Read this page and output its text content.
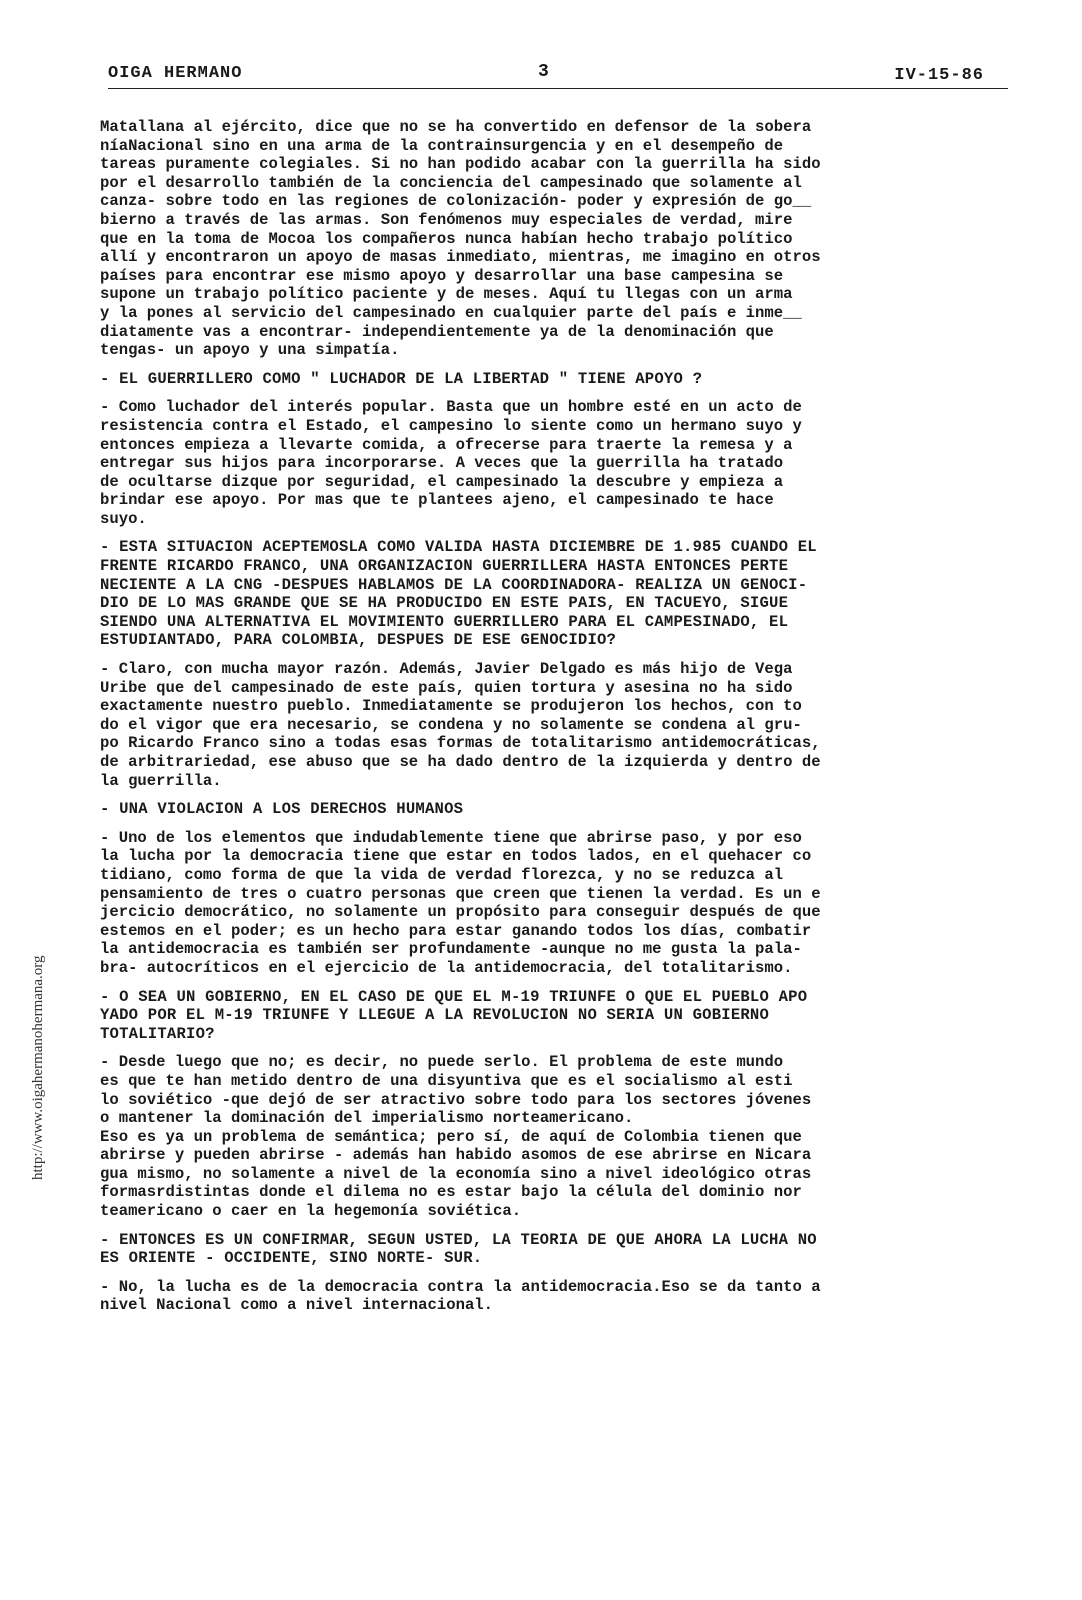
http://www.oigahermanohermana.org
OIGA HERMANO	3	IV-15-86
Matallana al ejército, dice que no se ha convertido en defensor de la sobera
níaNacional sino en una arma de la contrainsurgencia y en el desempeño de
tareas puramente colegiales. Si no han podido acabar con la guerrilla ha sido
por el desarrollo también de la conciencia del campesinado que solamente al
canza- sobre todo en las regiones de colonización- poder y expresión de go__
bierno a través de las armas. Son fenómenos muy especiales de verdad, mire
que en la toma de Mocoa los compañeros nunca habían hecho trabajo político
allí y encontraron un apoyo de masas inmediato, mientras, me imagino en otros
países para encontrar ese mismo apoyo y desarrollar una base campesina se
supone un trabajo político paciente y de meses. Aquí tu llegas con un arma
y la pones al servicio del campesinado en cualquier parte del país e inme__
diatamente vas a encontrar- independientemente ya de la denominación que
tengas- un apoyo y una simpatía.
- EL GUERRILLERO COMO " LUCHADOR DE LA LIBERTAD " TIENE APOYO ?
- Como luchador del interés popular. Basta que un hombre esté en un acto de
resistencia contra el Estado, el campesino lo siente como un hermano suyo y
entonces empieza a llevarte comida, a ofrecerse para traerte la remesa y a
entregar sus hijos para incorporarse. A veces que la guerrilla ha tratado
de ocultarse dizque por seguridad, el campesinado la descubre y empieza a
brindar ese apoyo. Por mas que te plantees ajeno, el campesinado te hace
suyo.
- ESTA SITUACION ACEPTEMOSLA COMO VALIDA HASTA DICIEMBRE DE 1.985 CUANDO EL
FRENTE RICARDO FRANCO, UNA ORGANIZACION GUERRILLERA HASTA ENTONCES PERTE
NECIENTE A LA CNG -DESPUES HABLAMOS DE LA COORDINADORA- REALIZA UN GENOCI-
DIO DE LO MAS GRANDE QUE SE HA PRODUCIDO EN ESTE PAIS, EN TACUEYO, SIGUE
SIENDO UNA ALTERNATIVA EL MOVIMIENTO GUERRILLERO PARA EL CAMPESINADO, EL
ESTUDIANTADO, PARA COLOMBIA, DESPUES DE ESE GENOCIDIO?
- Claro, con mucha mayor razón. Además, Javier Delgado es más hijo de Vega
Uribe que del campesinado de este país, quien tortura y asesina no ha sido
exactamente nuestro pueblo. Inmediatamente se produjeron los hechos, con to
do el vigor que era necesario, se condena y no solamente se condena al gru-
po Ricardo Franco sino a todas esas formas de totalitarismo antidemocráticas,
de arbitrariedad, ese abuso que se ha dado dentro de la izquierda y dentro de
la guerrilla.
- UNA VIOLACION A LOS DERECHOS HUMANOS
- Uno de los elementos que indudablemente tiene que abrirse paso, y por eso
la lucha por la democracia tiene que estar en todos lados, en el quehacer co
tidiano, como forma de que la vida de verdad florezca, y no se reduzca al
pensamiento de tres o cuatro personas que creen que tienen la verdad. Es un e
jercicio democrático, no solamente un propósito para conseguir después de que
estemos en el poder; es un hecho para estar ganando todos los días, combatir
la antidemocracia es también ser profundamente -aunque no me gusta la pala-
bra- autocríticos en el ejercicio de la antidemocracia, del totalitarismo.
- O SEA UN GOBIERNO, EN EL CASO DE QUE EL M-19 TRIUNFE O QUE EL PUEBLO APO
YADO POR EL M-19 TRIUNFE Y LLEGUE A LA REVOLUCION NO SERIA UN GOBIERNO
TOTALITARIO?
- Desde luego que no; es decir, no puede serlo. El problema de este mundo
es que te han metido dentro de una disyuntiva que es el socialismo al esti
lo soviético -que dejó de ser atractivo sobre todo para los sectores jóvenes
o mantener la dominación del imperialismo norteamericano.
Eso es ya un problema de semántica; pero sí, de aquí de Colombia tienen que
abrirse y pueden abrirse - además han habido asomos de ese abrirse en Nicara
gua mismo, no solamente a nivel de la economía sino a nivel ideológico otras
formasrdistintas donde el dilema no es estar bajo la célula del dominio nor
teamericano o caer en la hegemonía soviética.
- ENTONCES ES UN CONFIRMAR, SEGUN USTED, LA TEORIA DE QUE AHORA LA LUCHA NO
ES ORIENTE - OCCIDENTE, SINO NORTE- SUR.
- No, la lucha es de la democracia contra la antidemocracia.Eso se da tanto a
nivel Nacional como a nivel internacional.
